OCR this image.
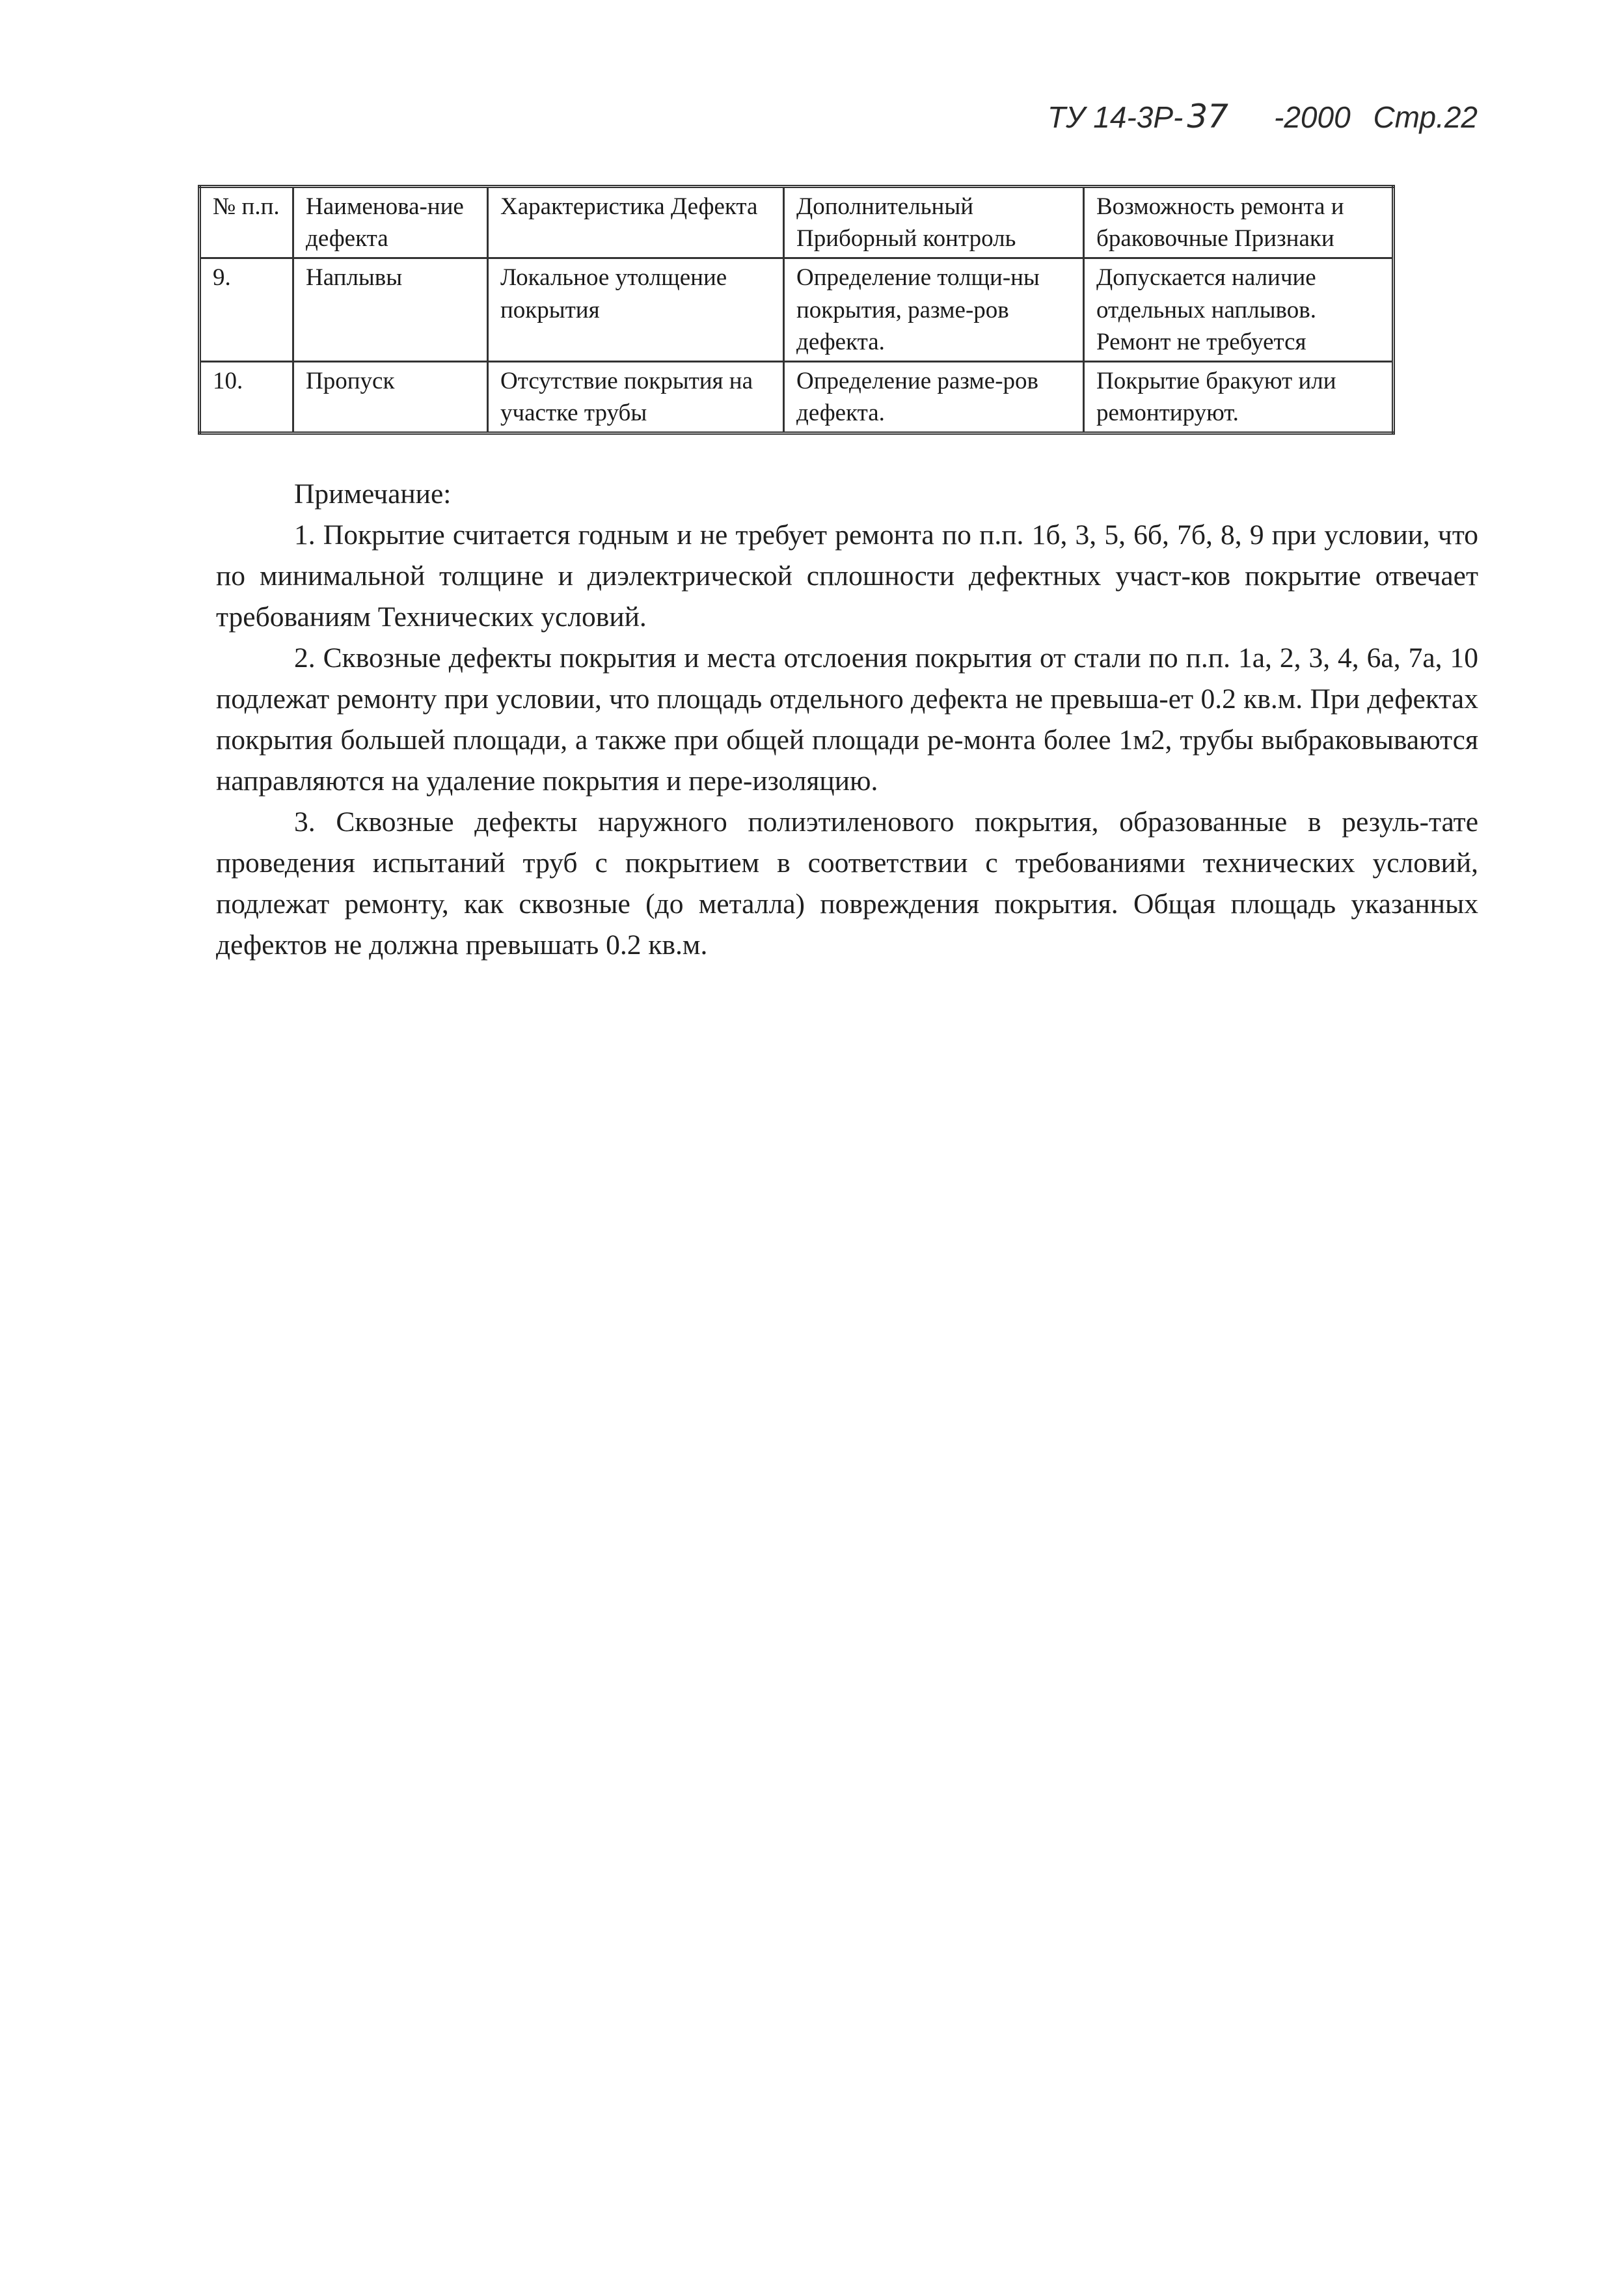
ТУ 14-3Р- 37 -2000 Стр.22
№ п.п.	Наименова-ние дефекта	Характеристика Дефекта	Дополнительный Приборный контроль	Возможность ремонта и браковочные Признаки
9.	Наплывы	Локальное утолщение покрытия	Определение толщи-ны покрытия, разме-ров дефекта.	Допускается наличие отдельных наплывов. Ремонт не требуется
10.	Пропуск	Отсутствие покрытия на участке трубы	Определение разме-ров дефекта.	Покрытие бракуют или ремонтируют.
Примечание:

1. Покрытие считается годным и не требует ремонта по п.п. 1б, 3, 5, 6б, 7б, 8, 9 при условии, что по минимальной толщине и диэлектрической сплошности дефектных участ-ков покрытие отвечает требованиям Технических условий.

2. Сквозные дефекты покрытия и места отслоения покрытия от стали по п.п. 1а, 2, 3, 4, 6а, 7а, 10 подлежат ремонту при условии, что площадь отдельного дефекта не превыша-ет 0.2 кв.м. При дефектах покрытия большей площади, а также при общей площади ре-монта более 1м2, трубы выбраковываются направляются на удаление покрытия и пере-изоляцию.

3. Сквозные дефекты наружного полиэтиленового покрытия, образованные в резуль-тате проведения испытаний труб с покрытием в соответствии с требованиями технических условий, подлежат ремонту, как сквозные (до металла) повреждения покрытия. Общая площадь указанных дефектов не должна превышать 0.2 кв.м.
